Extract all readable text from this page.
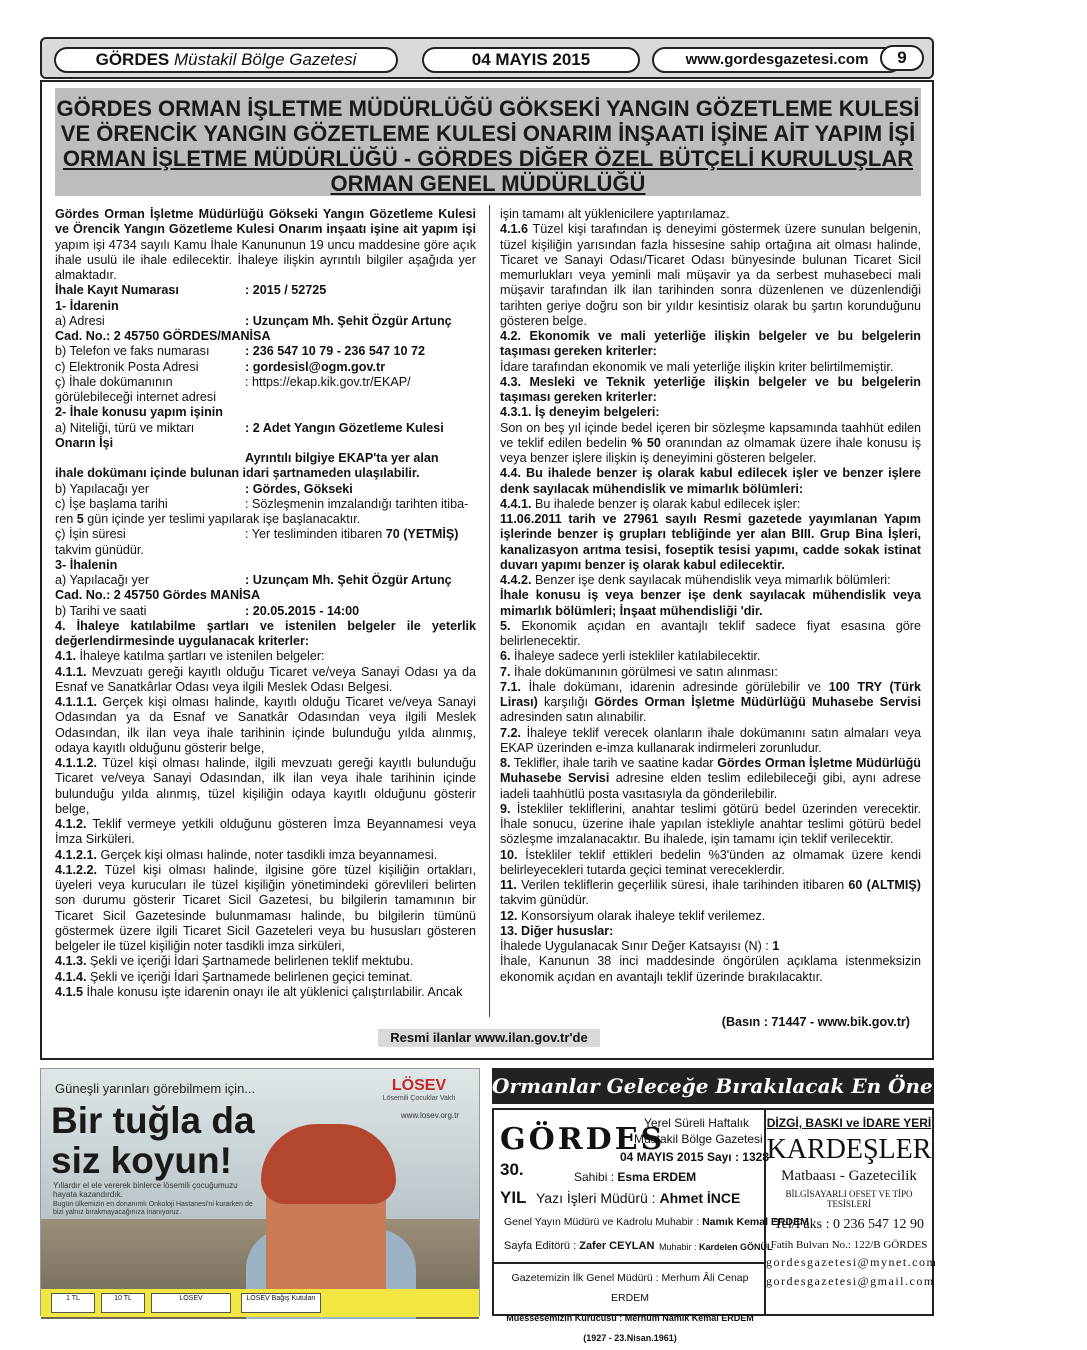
GÖRDES Müstakil Bölge Gazetesi	04 MAYIS 2015	www.gordesgazetesi.com	9
GÖRDES ORMAN İŞLETME MÜDÜRLÜĞÜ GÖKSEKİ YANGIN GÖZETLEME KULESİ
VE ÖRENCİK YANGIN GÖZETLEME KULESİ ONARIM İNŞAATI İŞİNE AİT YAPIM İŞİ
ORMAN İŞLETME MÜDÜRLÜĞÜ - GÖRDES DİĞER ÖZEL BÜTÇELİ KURULUŞLAR
ORMAN GENEL MÜDÜRLÜĞÜ

Gördes Orman İşletme Müdürlüğü Gökseki Yangın Gözetleme Kulesi ve Örencik Yangın Gözetleme Kulesi Onarım inşaatı işine ait yapım işi yapım işi 4734 sayılı Kamu İhale Kanununun 19 uncu maddesine göre açık ihale usulü ile ihale edilecektir. İhaleye ilişkin ayrıntılı bilgiler aşağıda yer almaktadır.

İhale Kayıt Numarası	: 2015 / 52725

1- İdarenin

a) Adresi	: Uzunçam Mh. Şehit Özgür Artunç

Cad. No.: 2 45750 GÖRDES/MANİSA

b) Telefon ve faks numarası	: 236 547 10 79 - 236 547 10 72
c) Elektronik Posta Adresi	: gordesisl@ogm.gov.tr
ç) İhale dokümanının	: https://ekap.kik.gov.tr/EKAP/

görülebileceği internet adresi

2- İhale konusu yapım işinin

a) Niteliği, türü ve miktarı	: 2 Adet Yangın Gözetleme Kulesi

Onarın İşi

Ayrıntılı bilgiye EKAP'ta yer alan

ihale dokümanı içinde bulunan idari şartnameden ulaşılabilir.

b) Yapılacağı yer	: Gördes, Gökseki
c) İşe başlama tarihi	: Sözleşmenin imzalandığı tarihten itiba-

ren 5 gün içinde yer teslimi yapılarak işe başlanacaktır.

ç) İşin süresi	: Yer tesliminden itibaren 70 (YETMİŞ)

takvim günüdür.

3- İhalenin

a) Yapılacağı yer	: Uzunçam Mh. Şehit Özgür Artunç

Cad. No.: 2 45750 Gördes MANİSA

b) Tarihi ve saati	: 20.05.2015 - 14:00

4. İhaleye katılabilme şartları ve istenilen belgeler ile yeterlik değerlendirmesinde uygulanacak kriterler:

4.1. İhaleye katılma şartları ve istenilen belgeler:

4.1.1. Mevzuatı gereği kayıtlı olduğu Ticaret ve/veya Sanayi Odası ya da Esnaf ve Sanatkârlar Odası veya ilgili Meslek Odası Belgesi.

4.1.1.1. Gerçek kişi olması halinde, kayıtlı olduğu Ticaret ve/veya Sanayi Odasından ya da Esnaf ve Sanatkâr Odasından veya ilgili Meslek Odasından, ilk ilan veya ihale tarihinin içinde bulunduğu yılda alınmış, odaya kayıtlı olduğunu gösterir belge,

4.1.1.2. Tüzel kişi olması halinde, ilgili mevzuatı gereği kayıtlı bulunduğu Ticaret ve/veya Sanayi Odasından, ilk ilan veya ihale tarihinin içinde bulunduğu yılda alınmış, tüzel kişiliğin odaya kayıtlı olduğunu gösterir belge,

4.1.2. Teklif vermeye yetkili olduğunu gösteren İmza Beyannamesi veya İmza Sirküleri.

4.1.2.1. Gerçek kişi olması halinde, noter tasdikli imza beyannamesi.

4.1.2.2. Tüzel kişi olması halinde, ilgisine göre tüzel kişiliğin ortakları, üyeleri veya kurucuları ile tüzel kişiliğin yönetimindeki görevlileri belirten son durumu gösterir Ticaret Sicil Gazetesi, bu bilgilerin tamamının bir Ticaret Sicil Gazetesinde bulunmaması halinde, bu bilgilerin tümünü göstermek üzere ilgili Ticaret Sicil Gazeteleri veya bu hususları gösteren belgeler ile tüzel kişiliğin noter tasdikli imza sirküleri,

4.1.3. Şekli ve içeriği İdari Şartnamede belirlenen teklif mektubu.

4.1.4. Şekli ve içeriği İdari Şartnamede belirlenen geçici teminat.

4.1.5 İhale konusu işte idarenin onayı ile alt yüklenici çalıştırılabilir. Ancak

işin tamamı alt yüklenicilere yaptırılamaz.

4.1.6 Tüzel kişi tarafından iş deneyimi göstermek üzere sunulan belgenin, tüzel kişiliğin yarısından fazla hissesine sahip ortağına ait olması halinde, Ticaret ve Sanayi Odası/Ticaret Odası bünyesinde bulunan Ticaret Sicil memurlukları veya yeminli mali müşavir ya da serbest muhasebeci mali müşavir tarafından ilk ilan tarihinden sonra düzenlenen ve düzenlendiği tarihten geriye doğru son bir yıldır kesintisiz olarak bu şartın korunduğunu gösteren belge.

4.2. Ekonomik ve mali yeterliğe ilişkin belgeler ve bu belgelerin taşıması gereken kriterler:

İdare tarafından ekonomik ve mali yeterliğe ilişkin kriter belirtilmemiştir.

4.3. Mesleki ve Teknik yeterliğe ilişkin belgeler ve bu belgelerin taşıması gereken kriterler:

4.3.1. İş deneyim belgeleri:

Son on beş yıl içinde bedel içeren bir sözleşme kapsamında taahhüt edilen ve teklif edilen bedelin % 50 oranından az olmamak üzere ihale konusu iş veya benzer işlere ilişkin iş deneyimini gösteren belgeler.

4.4. Bu ihalede benzer iş olarak kabul edilecek işler ve benzer işlere denk sayılacak mühendislik ve mimarlık bölümleri:

4.4.1. Bu ihalede benzer iş olarak kabul edilecek işler:

11.06.2011 tarih ve 27961 sayılı Resmi gazetede yayımlanan Yapım işlerinde benzer iş grupları tebliğinde yer alan BIII. Grup Bina İşleri, kanalizasyon arıtma tesisi, foseptik tesisi yapımı, cadde sokak istinat duvarı yapımı benzer iş olarak kabul edilecektir.

4.4.2. Benzer işe denk sayılacak mühendislik veya mimarlık bölümleri:

İhale konusu iş veya benzer işe denk sayılacak mühendislik veya mimarlık bölümleri; İnşaat mühendisliği 'dir.

5. Ekonomik açıdan en avantajlı teklif sadece fiyat esasına göre belirlenecektir.

6. İhaleye sadece yerli istekliler katılabilecektir.

7. İhale dokümanının görülmesi ve satın alınması:

7.1. İhale dokümanı, idarenin adresinde görülebilir ve 100 TRY (Türk Lirası) karşılığı Gördes Orman İşletme Müdürlüğü Muhasebe Servisi adresinden satın alınabilir.

7.2. İhaleye teklif verecek olanların ihale dokümanını satın almaları veya EKAP üzerinden e-imza kullanarak indirmeleri zorunludur.

8. Teklifler, ihale tarih ve saatine kadar Gördes Orman İşletme Müdürlüğü Muhasebe Servisi adresine elden teslim edilebileceği gibi, aynı adrese iadeli taahhütlü posta vasıtasıyla da gönderilebilir.

9. İstekliler tekliflerini, anahtar teslimi götürü bedel üzerinden verecektir. İhale sonucu, üzerine ihale yapılan istekliyle anahtar teslimi götürü bedel sözleşme imzalanacaktır. Bu ihalede, işin tamamı için teklif verilecektir.

10. İstekliler teklif ettikleri bedelin %3'ünden az olmamak üzere kendi belirleyecekleri tutarda geçici teminat vereceklerdir.

11. Verilen tekliflerin geçerlilik süresi, ihale tarihinden itibaren 60 (ALTMIŞ) takvim günüdür.

12. Konsorsiyum olarak ihaleye teklif verilemez.

13. Diğer hususlar:

İhalede Uygulanacak Sınır Değer Katsayısı (N) : 1

İhale, Kanunun 38 inci maddesinde öngörülen açıklama istenmeksizin ekonomik açıdan en avantajlı teklif üzerinde bırakılacaktır.

(Basın : 71447 - www.bik.gov.tr)
Resmi ilanlar www.ilan.gov.tr'de
Güneşli yarınları görebilmem için...
Bir tuğla da
siz koyun!
Yıllardır el ele vererek binlerce lösemili çocuğumuzu hayata kazandırdık.
Bugün ülkemizin en donanımlı Onkoloji Hastanesi'ni kurarken de bizi yalnız bırakmayacağınıza inanıyoruz.
LÖSEV
Lösemili Çocuklar Vakfı
www.losev.org.tr
1 TL	10 TL	LÖSEV	LÖSEV Bağış Kutuları
Ormanlar Geleceğe Bırakılacak En Önemli Mirastır...
GÖRDES
Yerel Süreli Haftalık
Müstakil Bölge Gazetesi
04 MAYIS 2015 Sayı : 1328
30.	Sahibi : Esma ERDEM
YIL Yazı İşleri Müdürü : Ahmet İNCE
Genel Yayın Müdürü ve Kadrolu Muhabir : Namık Kemal ERDEM
Sayfa Editörü : Zafer CEYLAN Muhabir : Kardelen GÖNÜL
Gazetemizin İlk Genel Müdürü : Merhum Âli Cenap ERDEM
Müessesemizin Kurucusu : Merhum Namık Kemal ERDEM (1927 - 23.Nisan.1961)
DİZGİ, BASKI ve İDARE YERİ
KARDEŞLER
Matbaası - Gazetecilik
BİLGİSAYARLI OFSET VE TİPO TESİSLERİ
Tel/Faks : 0 236 547 12 90
Fatih Bulvarı No.: 122/B GÖRDES
gordesgazetesi@mynet.com
gordesgazetesi@gmail.com
